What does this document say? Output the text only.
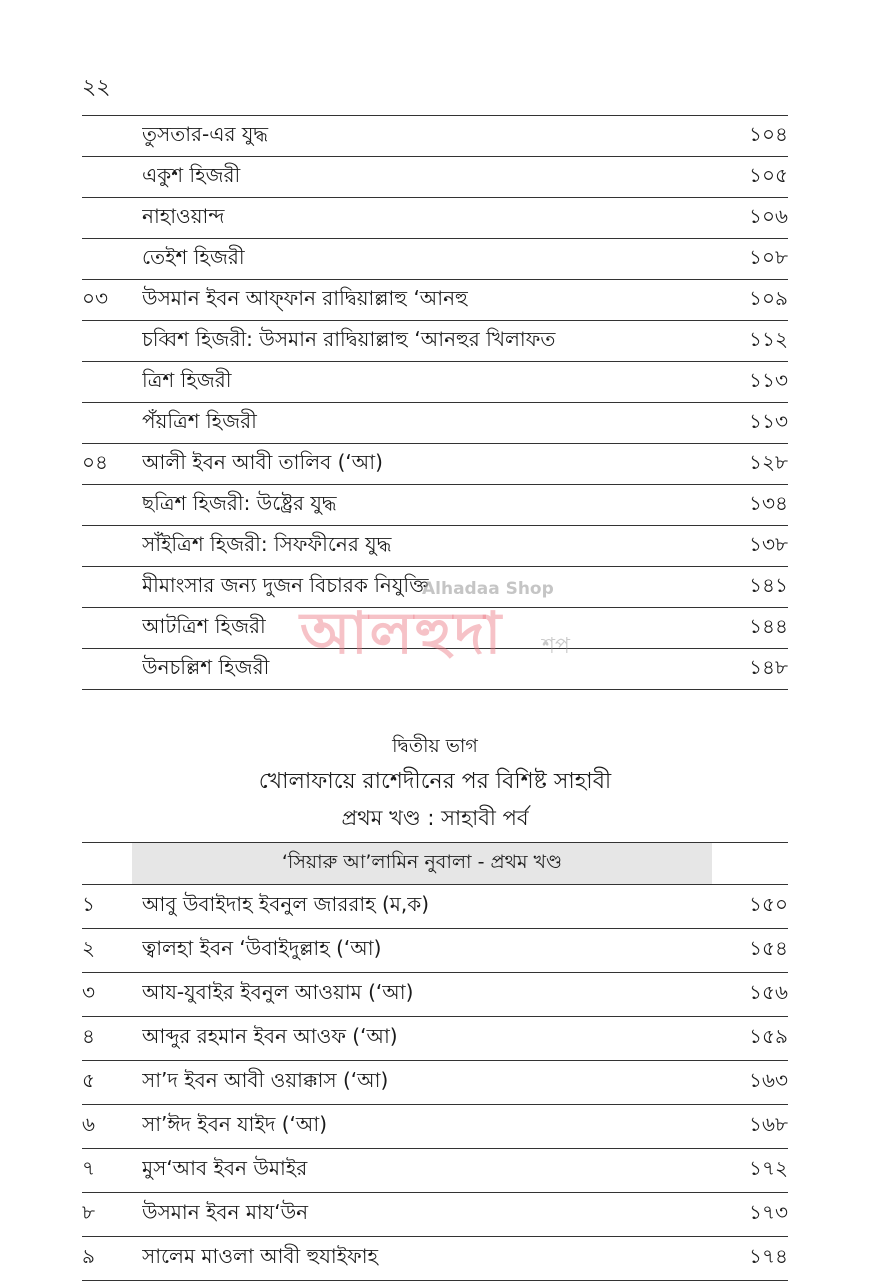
২২
তুসতার-এর যুদ্ধ	১০৪
একুশ হিজরী	১০৫
নাহাওয়ান্দ	১০৬
তেইশ হিজরী	১০৮
০৩	উসমান ইবন আফ্ফান রাদ্বিয়াল্লাহু ‘আনহু	১০৯
চব্বিশ হিজরী: উসমান রাদ্বিয়াল্লাহু ‘আনহুর খিলাফত	১১২
ত্রিশ হিজরী	১১৩
পঁয়ত্রিশ হিজরী	১১৩
০৪	আলী ইবন আবী তালিব (‘আ)	১২৮
ছত্রিশ হিজরী: উষ্ট্রের যুদ্ধ	১৩৪
সাঁইত্রিশ হিজরী: সিফফীনের যুদ্ধ	১৩৮
মীমাংসার জন্য দুজন বিচারক নিযুক্তি	১৪১
আটত্রিশ হিজরী	১৪৪
উনচল্লিশ হিজরী	১৪৮
দ্বিতীয় ভাগ
খোলাফায়ে রাশেদীনের পর বিশিষ্ট সাহাবী
প্রথম খণ্ড : সাহাবী পর্ব
‘সিয়ারু আ’লামিন নুবালা - প্রথম খণ্ড
১	আবু উবাইদাহ ইবনুল জাররাহ (ম,ক)	১৫০
২	ত্বালহা ইবন ‘উবাইদুল্লাহ (‘আ)	১৫৪
৩	আয-যুবাইর ইবনুল আওয়াম (‘আ)	১৫৬
৪	আব্দুর রহমান ইবন আওফ (‘আ)	১৫৯
৫	সা’দ ইবন আবী ওয়াক্কাস (‘আ)	১৬৩
৬	সা’ঈদ ইবন যাইদ (‘আ)	১৬৮
৭	মুস‘আব ইবন উমাইর	১৭২
৮	উসমান ইবন মায‘উন	১৭৩
৯	সালেম মাওলা আবী হুযাইফাহ	১৭৪
Alhadaa Shop
আলহুদা শপ
